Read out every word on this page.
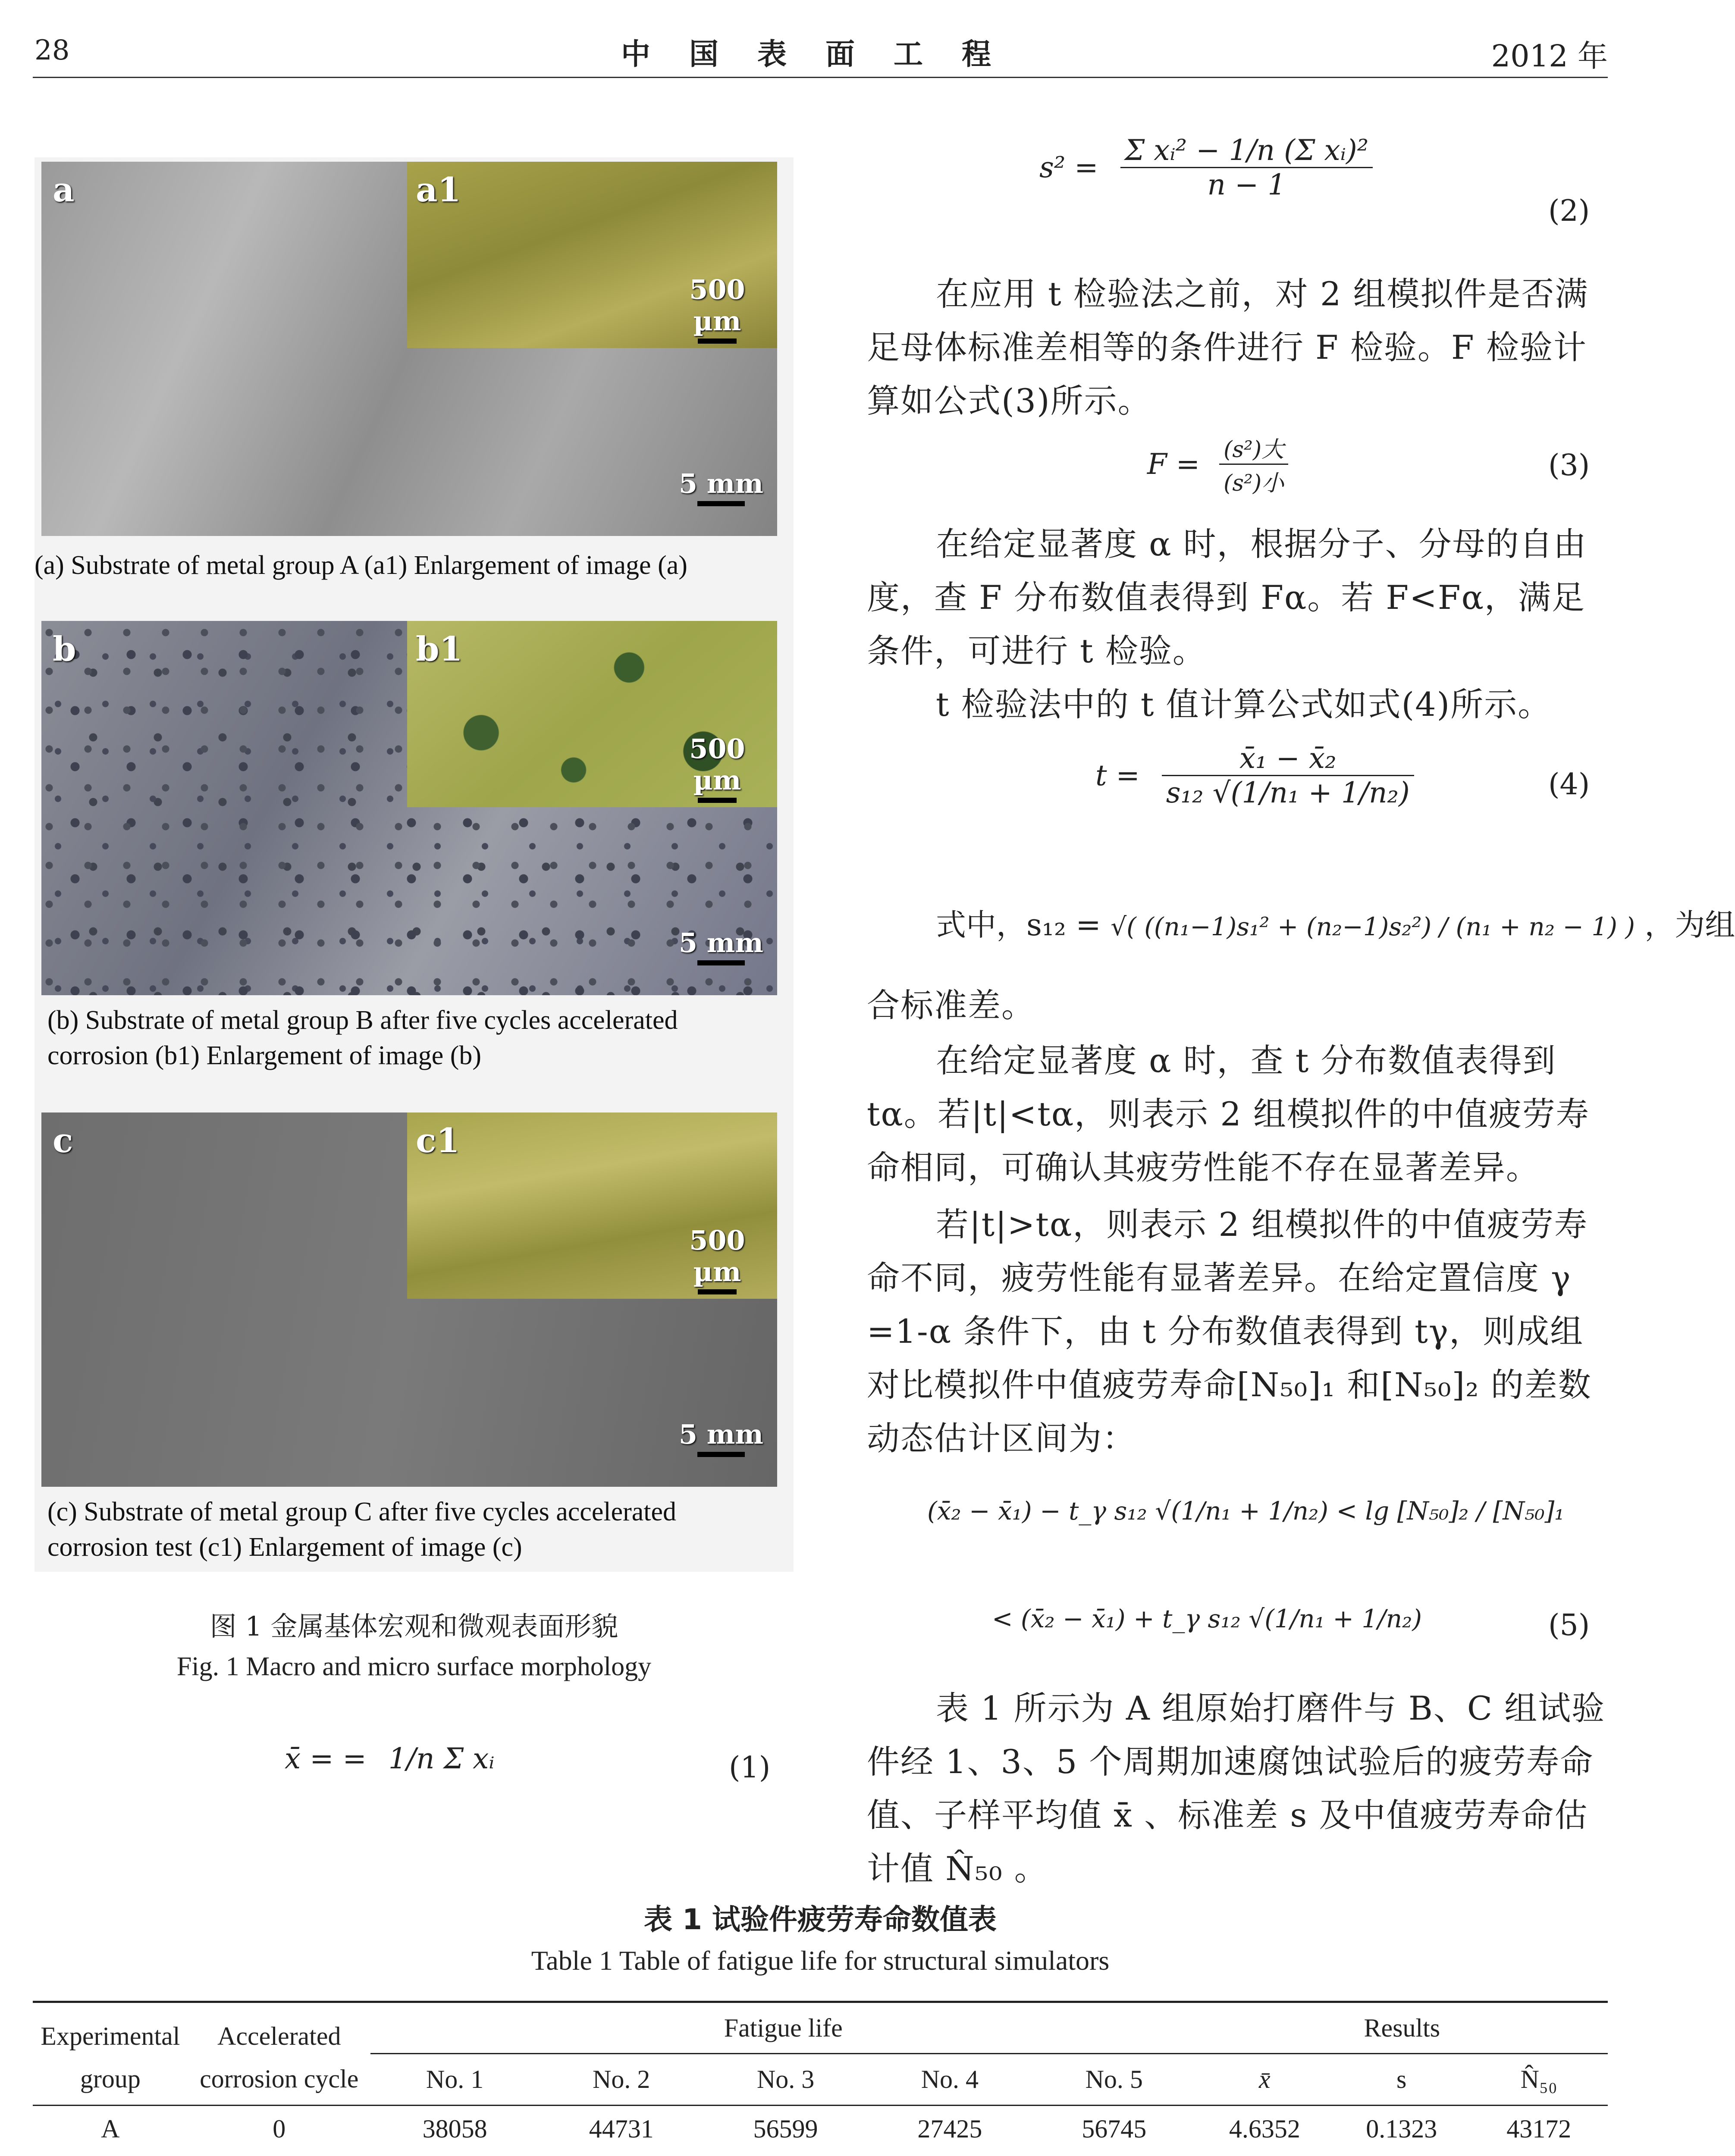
28	中国表面工程	2012 年
a	a1
500 µm
5 mm
(a) Substrate of metal group A (a1) Enlargement of image (a)
b	b1
500 µm
5 mm
(b) Substrate of metal group B after five cycles accelerated corrosion (b1) Enlargement of image (b)
c	c1
500 µm
5 mm
(c) Substrate of metal group C after five cycles accelerated corrosion test (c1) Enlargement of image (c)
图 1 金属基体宏观和微观表面形貌
Fig. 1 Macro and micro surface morphology
x̄ = = 1/n Σ xᵢ	(1)
$s^2 = \frac{\text{Σ xᵢ² − 1/n (Σ xᵢ)²}}{n - 1}$
(2)
在应用 t 检验法之前，对 2 组模拟件是否满足母体标准差相等的条件进行 F 检验。F 检验计算如公式(3)所示。
$F = \frac{\text{(s²)大}}{\text{(s²)小}}$	(3)
在给定显著度 α 时，根据分子、分母的自由度，查 F 分布数值表得到 Fα。若 F<Fα，满足条件，可进行 t 检验。
t 检验法中的 t 值计算公式如式(4)所示。
$t = \frac{\text{x̄₁ − x̄₂}}{\text{s₁₂ √(1/n₁ + 1/n₂)}}$	(4)
式中，s₁₂ = √( ((n₁−1)s₁² + (n₂−1)s₂²) / (n₁ + n₂ − 1) ) ，为组
合标准差。
在给定显著度 α 时，查 t 分布数值表得到 tα。若|t|<tα，则表示 2 组模拟件的中值疲劳寿命相同，可确认其疲劳性能不存在显著差异。
若|t|>tα，则表示 2 组模拟件的中值疲劳寿命不同，疲劳性能有显著差异。在给定置信度 γ =1-α 条件下，由 t 分布数值表得到 tγ，则成组对比模拟件中值疲劳寿命[N₅₀]₁ 和[N₅₀]₂ 的差数动态估计区间为：
(x̄₂ − x̄₁) − t_γ s₁₂ √(1/n₁ + 1/n₂) < lg [N₅₀]₂ / [N₅₀]₁
< (x̄₂ − x̄₁) + t_γ s₁₂ √(1/n₁ + 1/n₂)	(5)
表 1 所示为 A 组原始打磨件与 B、C 组试验件经 1、3、5 个周期加速腐蚀试验后的疲劳寿命值、子样平均值 x̄ 、标准差 s 及中值疲劳寿命估计值 N̂₅₀ 。
表 1 试验件疲劳寿命数值表
Table 1 Table of fatigue life for structural simulators
Experimental	Accelerated	Fatigue life					Results		
group	corrosion cycle	No. 1	No. 2	No. 3	No. 4	No. 5	x̄	s	N̂₅₀
A	0	38058	44731	56599	27425	56745	4.6352	0.1323	43172
